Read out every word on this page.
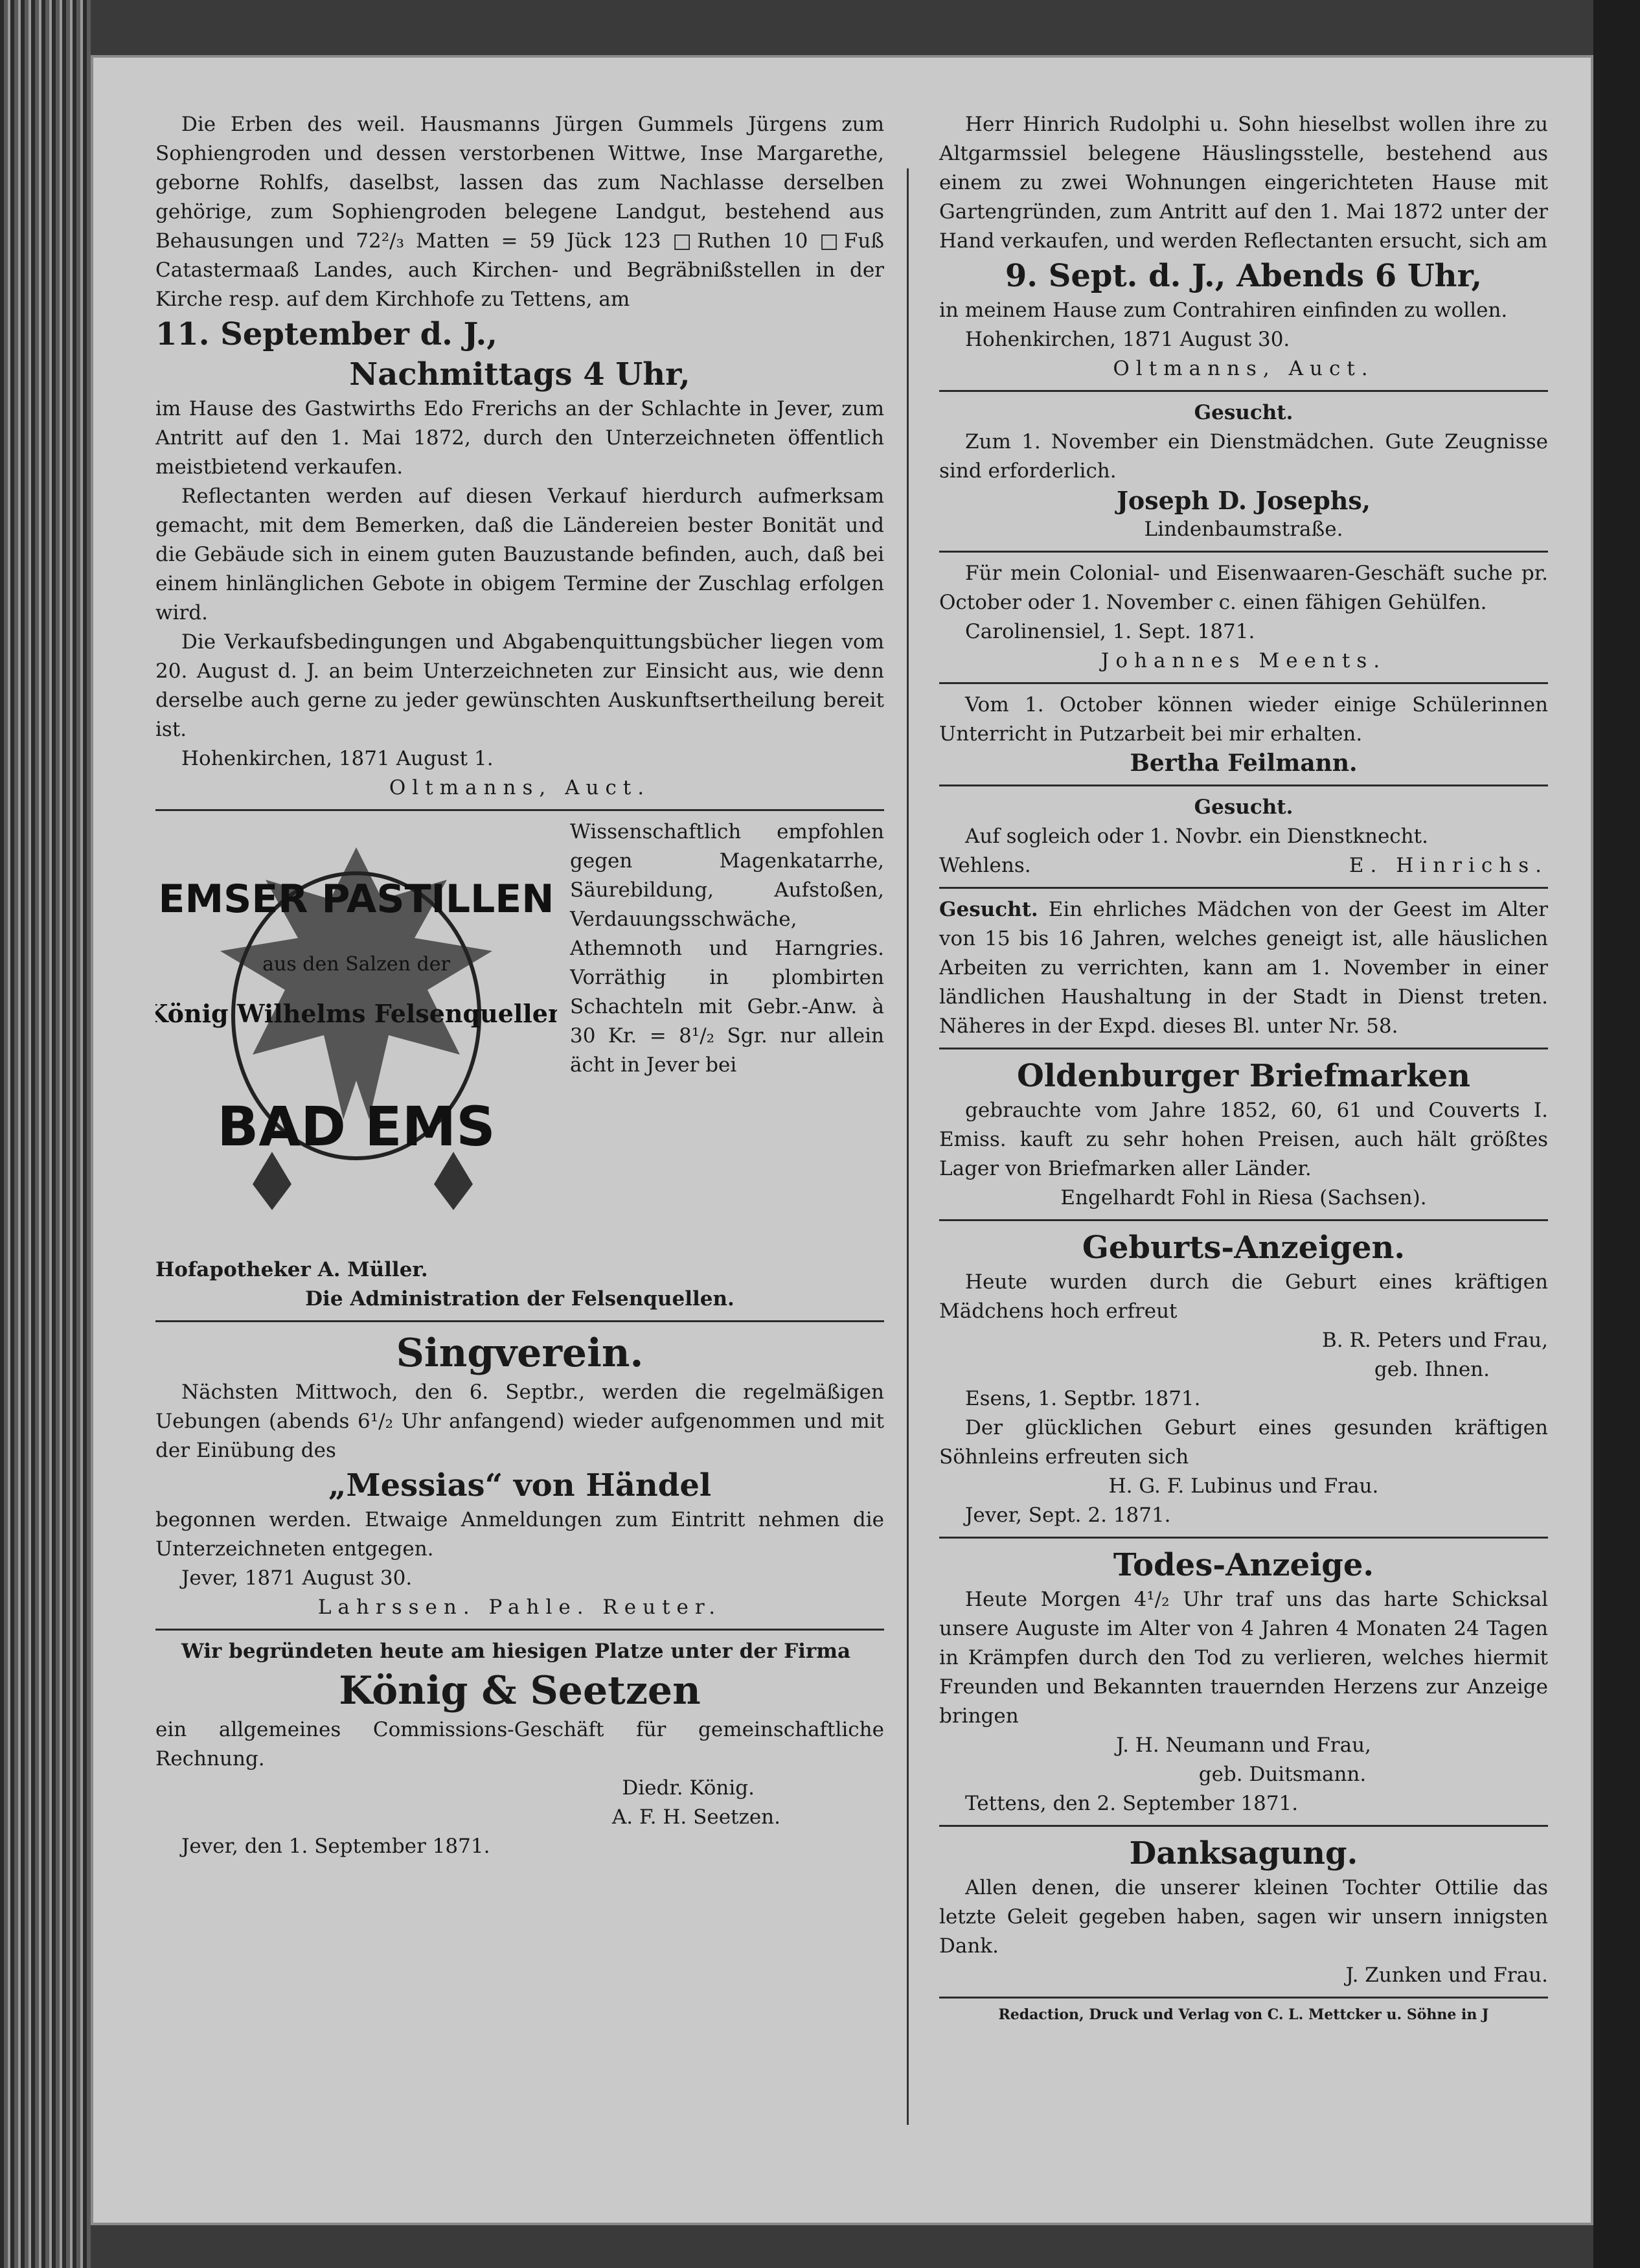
Die Erben des weil. Hausmanns Jürgen Gummels Jürgens zum Sophiengroden und dessen verstorbenen Wittwe, Inse Margarethe, geborne Rohlfs, daselbst, lassen das zum Nachlasse derselben gehörige, zum Sophiengroden belegene Landgut, bestehend aus Behausungen und 72²/₃ Matten = 59 Jück 123 □Ruthen 10 □Fuß Catastermaaß Landes, auch Kirchen- und Begräbnißstellen in der Kirche resp. auf dem Kirchhofe zu Tettens, am

11. September d. J.,
Nachmittags 4 Uhr,

im Hause des Gastwirths Edo Frerichs an der Schlachte in Jever, zum Antritt auf den 1. Mai 1872, durch den Unterzeichneten öffentlich meistbietend verkaufen.

Reflectanten werden auf diesen Verkauf hierdurch aufmerksam gemacht, mit dem Bemerken, daß die Ländereien bester Bonität und die Gebäude sich in einem guten Bauzustande befinden, auch, daß bei einem hinlänglichen Gebote in obigem Termine der Zuschlag erfolgen wird.

Die Verkaufsbedingungen und Abgabenquittungsbücher liegen vom 20. August d. J. an beim Unterzeichneten zur Einsicht aus, wie denn derselbe auch gerne zu jeder gewünschten Auskunftsertheilung bereit ist.

Hohenkirchen, 1871 August 1.

Oltmanns, Auct.

EMSER PASTILLEN
aus den Salzen der
König Wilhelms Felsenquellen
BAD EMS

Wissenschaftlich empfohlen gegen Magenkatarrhe, Säurebildung, Aufstoßen, Verdauungsschwäche, Athemnoth und Harngries. Vorräthig in plombirten Schachteln mit Gebr.-Anw. à 30 Kr. = 8¹/₂ Sgr. nur allein ächt in Jever bei

Hofapotheker A. Müller.

Die Administration der Felsenquellen.

Singverein.

Nächsten Mittwoch, den 6. Septbr., werden die regelmäßigen Uebungen (abends 6¹/₂ Uhr anfangend) wieder aufgenommen und mit der Einübung des

„Messias“ von Händel

begonnen werden. Etwaige Anmeldungen zum Eintritt nehmen die Unterzeichneten entgegen.

Jever, 1871 August 30.

Lahrssen. Pahle. Reuter.

Wir begründeten heute am hiesigen Platze unter der Firma

König & Seetzen

ein allgemeines Commissions-Geschäft für gemeinschaftliche Rechnung.

Diedr. König.

A. F. H. Seetzen.

Jever, den 1. September 1871.

Herr Hinrich Rudolphi u. Sohn hieselbst wollen ihre zu Altgarmssiel belegene Häuslingsstelle, bestehend aus einem zu zwei Wohnungen eingerichteten Hause mit Gartengründen, zum Antritt auf den 1. Mai 1872 unter der Hand verkaufen, und werden Reflectanten ersucht, sich am

9. Sept. d. J., Abends 6 Uhr,

in meinem Hause zum Contrahiren einfinden zu wollen.

Hohenkirchen, 1871 August 30.

Oltmanns, Auct.

Gesucht.

Zum 1. November ein Dienstmädchen. Gute Zeugnisse sind erforderlich.

Joseph D. Josephs,

Lindenbaumstraße.

Für mein Colonial- und Eisenwaaren-Geschäft suche pr. October oder 1. November c. einen fähigen Gehülfen.

Carolinensiel, 1. Sept. 1871.

Johannes Meents.

Vom 1. October können wieder einige Schülerinnen Unterricht in Putzarbeit bei mir erhalten.

Bertha Feilmann.

Gesucht.

Auf sogleich oder 1. Novbr. ein Dienstknecht.

Wehlens.	E. Hinrichs.

Gesucht. Ein ehrliches Mädchen von der Geest im Alter von 15 bis 16 Jahren, welches geneigt ist, alle häuslichen Arbeiten zu verrichten, kann am 1. November in einer ländlichen Haushaltung in der Stadt in Dienst treten. Näheres in der Expd. dieses Bl. unter Nr. 58.

Oldenburger Briefmarken

gebrauchte vom Jahre 1852, 60, 61 und Couverts I. Emiss. kauft zu sehr hohen Preisen, auch hält größtes Lager von Briefmarken aller Länder.

Engelhardt Fohl in Riesa (Sachsen).

Geburts-Anzeigen.

Heute wurden durch die Geburt eines kräftigen Mädchens hoch erfreut

B. R. Peters und Frau,

geb. Ihnen.

Esens, 1. Septbr. 1871.

Der glücklichen Geburt eines gesunden kräftigen Söhnleins erfreuten sich

H. G. F. Lubinus und Frau.

Jever, Sept. 2. 1871.

Todes-Anzeige.

Heute Morgen 4¹/₂ Uhr traf uns das harte Schicksal unsere Auguste im Alter von 4 Jahren 4 Monaten 24 Tagen in Krämpfen durch den Tod zu verlieren, welches hiermit Freunden und Bekannten trauernden Herzens zur Anzeige bringen

J. H. Neumann und Frau,

geb. Duitsmann.

Tettens, den 2. September 1871.

Danksagung.

Allen denen, die unserer kleinen Tochter Ottilie das letzte Geleit gegeben haben, sagen wir unsern innigsten Dank.

J. Zunken und Frau.

Redaction, Druck und Verlag von C. L. Mettcker u. Söhne in J
